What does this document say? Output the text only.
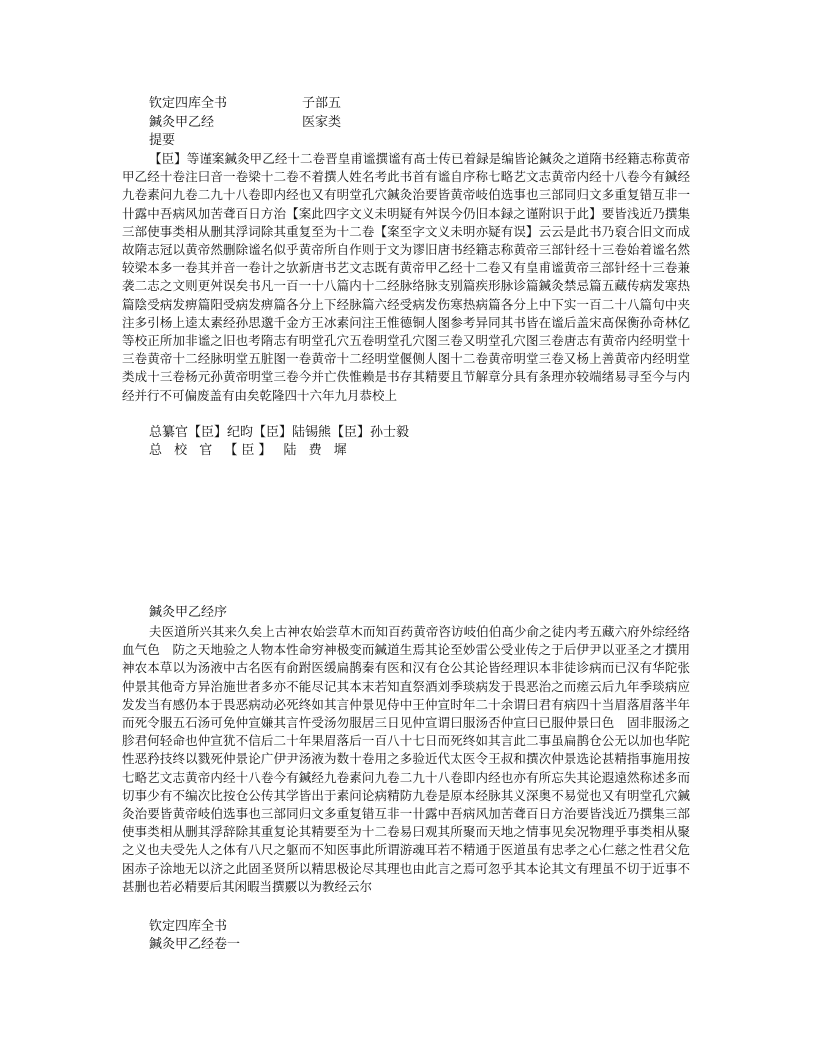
钦定四库全书	子部五
鍼灸甲乙经	医家类
提要
【臣】等谨案鍼灸甲乙经十二卷晋皇甫谧撰谧有髙士传已着録是编皆论鍼灸之道隋书经籍志称黄帝甲乙经十卷注曰音一卷梁十二卷不着撰人姓名考此书首有谧自序称七略艺文志黄帝内经十八卷今有鍼经九卷素问九卷二九十八卷即内经也又有明堂孔穴鍼灸治要皆黄帝岐伯选事也三部同归文多重复错互非一卄露中吾病风加苦聋百日方治【案此四字文义未明疑有舛误今仍旧本録之谨附识于此】要皆浅近乃撰集三部使事类相从删其浮词除其重复至为十二卷【案至字文义未明亦疑有误】云云是此书乃裒合旧文而成故隋志冠以黄帝然删除谧名似乎黄帝所自作则于文为谬旧唐书经籍志称黄帝三部针经十三卷始着谧名然较梁本多一卷其并音一卷计之欤新唐书艺文志既有黄帝甲乙经十二卷又有皇甫谧黄帝三部针经十三卷兼袭二志之文则更舛误矣书凡一百一十八篇内十二经脉络脉支别篇疾形脉诊篇鍼灸禁忌篇五藏传病发寒热篇陰受病发痹篇阳受病发痹篇各分上下经脉篇六经受病发伤寒热病篇各分上中下实一百二十八篇句中夹注多引杨上逵太素经孙思邈千金方王冰素问注王惟德铜人图参考异同其书皆在谧后盖宋髙保衡孙奇林亿等校正所加非谧之旧也考隋志有明堂孔穴五卷明堂孔穴图三卷又明堂孔穴图三卷唐志有黄帝内经明堂十三卷黄帝十二经脉明堂五脏图一卷黄帝十二经明堂偃侧人图十二卷黄帝明堂三卷又杨上善黄帝内经明堂类成十三卷杨元孙黄帝明堂三卷今并亡佚惟赖是书存其精要且节解章分具有条理亦较端绪易寻至今与内经并行不可偏废盖有由矣乾隆四十六年九月恭校上
总纂官【臣】纪昀【臣】陆锡熊【臣】孙士毅
总 校 官 【臣】 陆 费 墀
鍼灸甲乙经序
夫医道所兴其来久矣上古神农始尝草木而知百药黄帝咨访岐伯伯髙少俞之徒内考五藏六府外综经络血气色　防之天地验之人物本性命穷神极变而鍼道生焉其论至妙雷公受业传之于后伊尹以亚圣之才撰用神农本草以为汤液中古名医有俞跗医缓扁鹊秦有医和汉有仓公其论皆经理识本非徒诊病而已汉有华陀张仲景其他奇方异治施世者多亦不能尽记其本末若知直祭酒刘季琰病发于畏恶治之而瘥云后九年季琰病应发发当有感仍本于畏恶病动必死终如其言仲景见侍中王仲宣时年二十余谓曰君有病四十当眉落眉落半年而死令服五石汤可免仲宣嫌其言忤受汤勿服居三日见仲宣谓曰服汤否仲宣曰已服仲景曰色　固非服汤之胗君何轻命也仲宣犹不信后二十年果眉落后一百八十七日而死终如其言此二事虽扁鹊仓公无以加也华陀性恶矜技终以戮死仲景论广伊尹汤液为数十卷用之多验近代太医令王叔和撰次仲景选论甚精指事施用按七略艺文志黄帝内经十八卷今有鍼经九卷素问九卷二九十八卷即内经也亦有所忘失其论遐遠然称述多而切事少有不编次比按仓公传其学皆出于素问论病精防九卷是原本经脉其义深奥不易觉也又有明堂孔穴鍼灸治要皆黄帝岐伯选事也三部同归文多重复错互非一卄露中吾病风加苦聋百日方治要皆浅近乃撰集三部使事类相从删其浮辞除其重复论其精要至为十二卷易曰观其所聚而天地之情事见矣况物理乎事类相从聚之义也夫受先人之体有八尺之躯而不知医事此所谓游魂耳若不精通于医道虽有忠孝之心仁慈之性君父危困赤子涂地无以济之此固圣贤所以精思极论尽其理也由此言之焉可忽乎其本论其文有理虽不切于近事不甚删也若必精要后其闲暇当撰覈以为教经云尔
钦定四库全书
鍼灸甲乙经卷一
